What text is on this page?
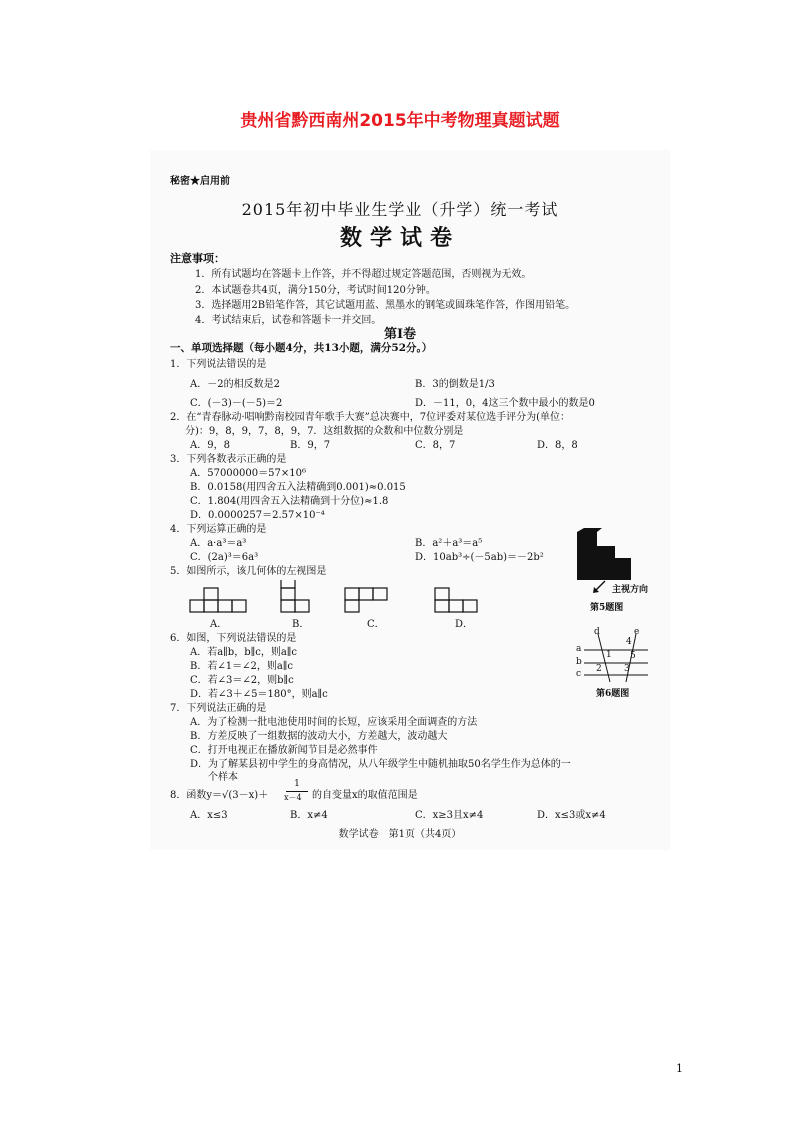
贵州省黔西南州2015年中考物理真题试题
秘密★启用前
2015年初中毕业生学业（升学）统一考试
数学试卷
注意事项：
1．所有试题均在答题卡上作答，并不得超过规定答题范围，否则视为无效。
2．本试题卷共4页，满分150分，考试时间120分钟。
3．选择题用2B铅笔作答，其它试题用蓝、黑墨水的钢笔或圆珠笔作答，作图用铅笔。
4．考试结束后，试卷和答题卡一并交回。
第Ⅰ卷
一、单项选择题（每小题4分，共13小题，满分52分。）
1．下列说法错误的是
A．－2的相反数是2	B．3的倒数是1/3
C．(－3)－(－5)＝2	D．－11，0，4这三个数中最小的数是0
2．在“青春脉动·唱响黔南校园青年歌手大赛”总决赛中，7位评委对某位选手评分为(单位：
分)：9，8，9，7，8，9，7．这组数据的众数和中位数分别是
A．9，8	B．9，7	C．8，7	D．8，8
3．下列各数表示正确的是
A．57000000＝57×10⁶
B．0.0158(用四舍五入法精确到0.001)≈0.015
C．1.804(用四舍五入法精确到十分位)≈1.8
D．0.0000257＝2.57×10⁻⁴
4．下列运算正确的是
A．a·a³＝a³	B．a²＋a³＝a⁵
C．(2a)³＝6a³	D．10ab³÷(－5ab)＝－2b²
5．如图所示，该几何体的左视图是
A．	B．	C．	D．
主视方向
第5题图
6．如图，下列说法错误的是
A．若a∥b，b∥c，则a∥c
B．若∠1＝∠2，则a∥c
C．若∠3＝∠2，则b∥c
D．若∠3＋∠5＝180°，则a∥c
d	e
a
b
c
1
2 3
4
5
第6题图
7．下列说法正确的是
A．为了检测一批电池使用时间的长短，应该采用全面调查的方法
B．方差反映了一组数据的波动大小，方差越大，波动越大
C．打开电视正在播放新闻节目是必然事件
D．为了解某县初中学生的身高情况，从八年级学生中随机抽取50名学生作为总体的一
个样本
8．函数y＝√(3－x)＋
1
x－4 的自变量x的取值范围是
A．x≤3	B．x≠4	C．x≥3且x≠4	D．x≤3或x≠4
数学试卷　第1页（共4页）
1
